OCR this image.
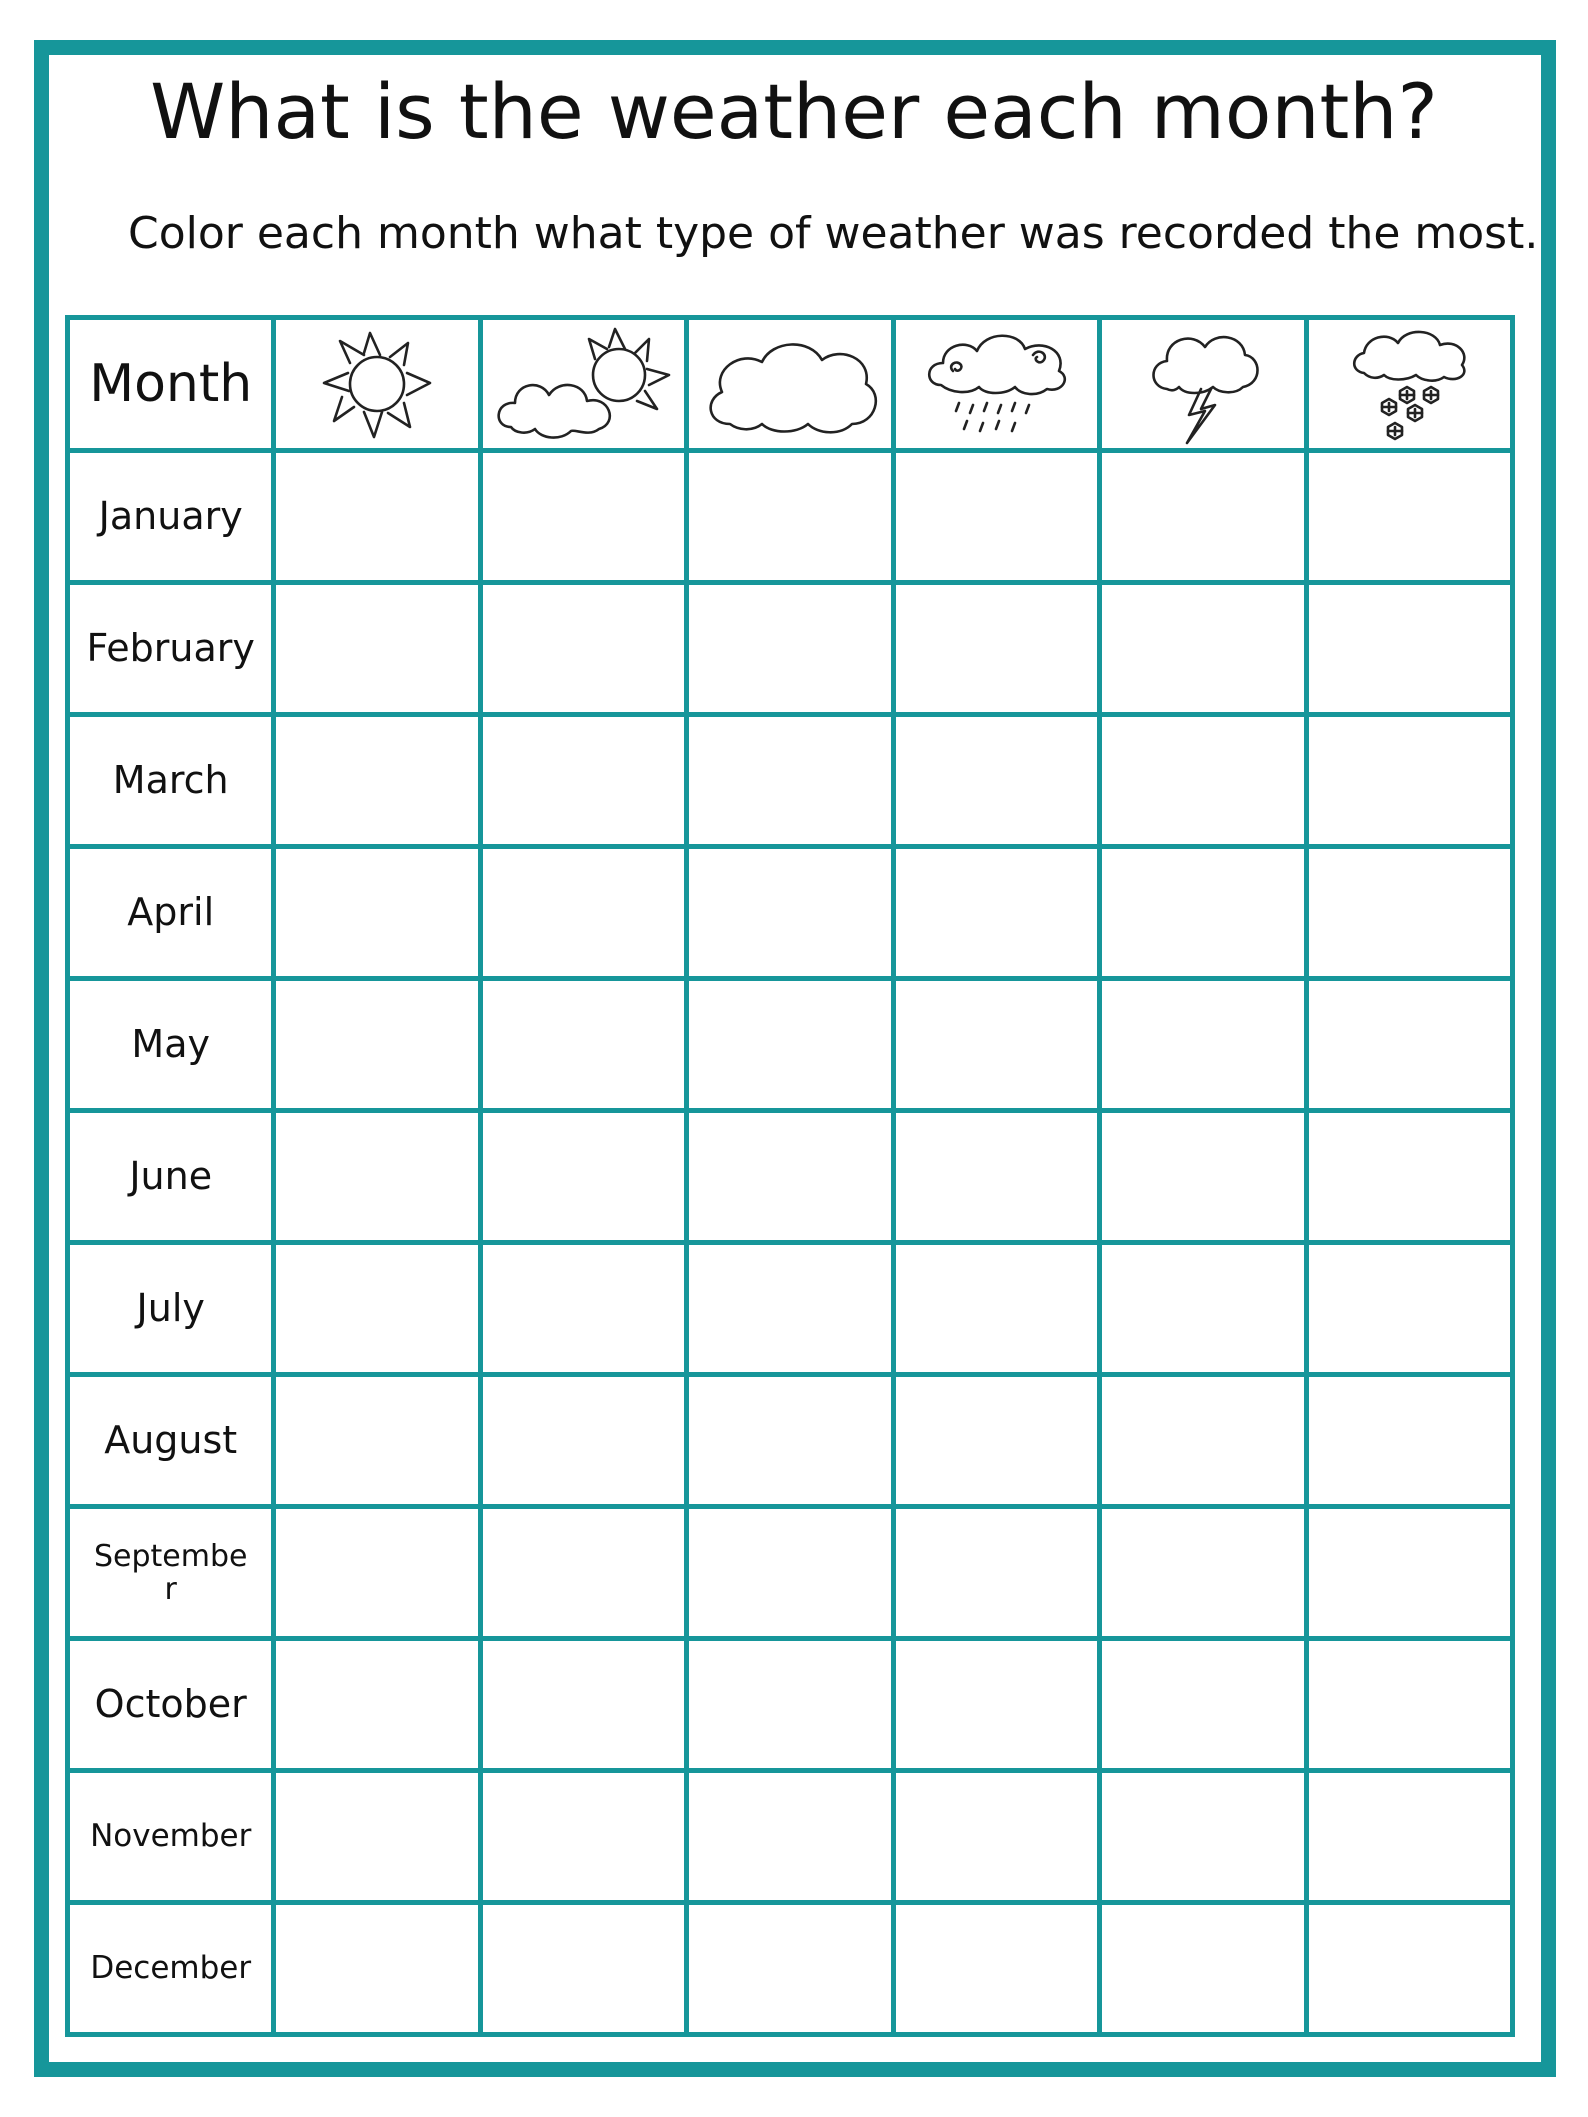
What is the weather each month?

Color each month what type of weather was recorded the most.

Month	

January						
February						
March						
April						
May						
June						
July						
August						
Septembe r						
October						
November						
December						
